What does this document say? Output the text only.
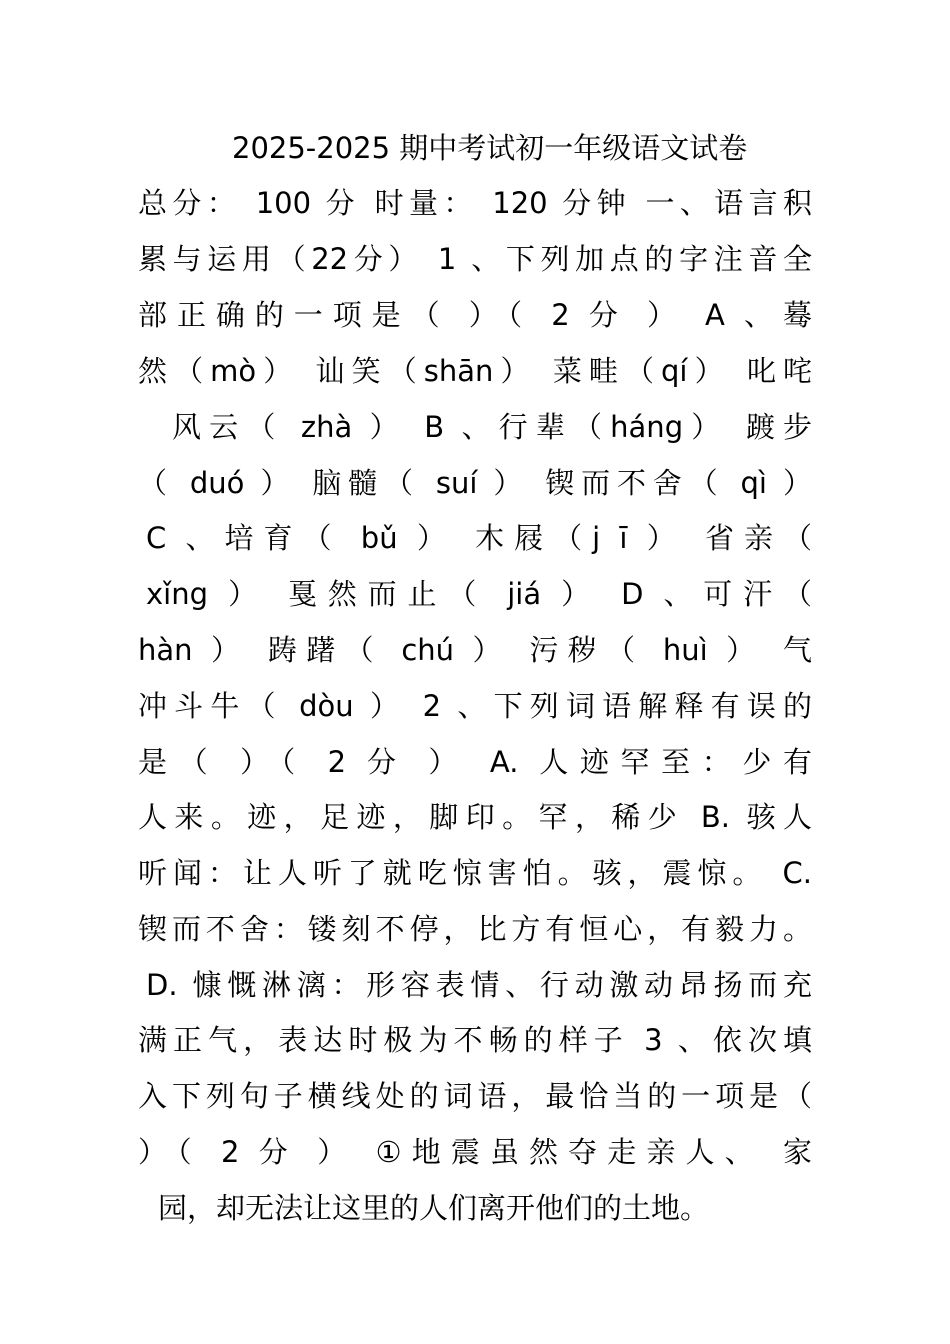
2025-2025 期中考试初一年级语文试卷
总分： 100 分 时量： 120 分钟 一、语言积
累与运用（22分） 1 、下列加点的字注音全
部正确的一项是（ ）（ 2 分 ） A 、蓦
然（mò） 讪笑（shān） 菜畦（qí） 叱咤
风云（ zhà ） B 、行辈（háng） 踱步
（ duó ） 脑髓（ suí ） 锲而不舍（ qì ）
C 、培育（ bǔ ） 木屐（j ī ） 省亲（
xǐng ） 戛然而止（ jiá ） D 、可汗（
hàn ） 踌躇（ chú ） 污秽（ huì ） 气
冲斗牛（ dòu ） 2 、下列词语解释有误的
是（ ）（ 2 分 ） A. 人迹罕至：少有
人来。迹，足迹，脚印。罕，稀少 B. 骇人
听闻：让人听了就吃惊害怕。骇，震惊。 C.
锲而不舍：镂刻不停，比方有恒心，有毅力。
D. 慷慨淋漓：形容表情、行动激动昂扬而充
满正气，表达时极为不畅的样子 3 、依次填
入下列句子横线处的词语，最恰当的一项是（
）（ 2 分 ） ①地震虽然夺走亲人、 家
园，却无法让这里的人们离开他们的土地。
